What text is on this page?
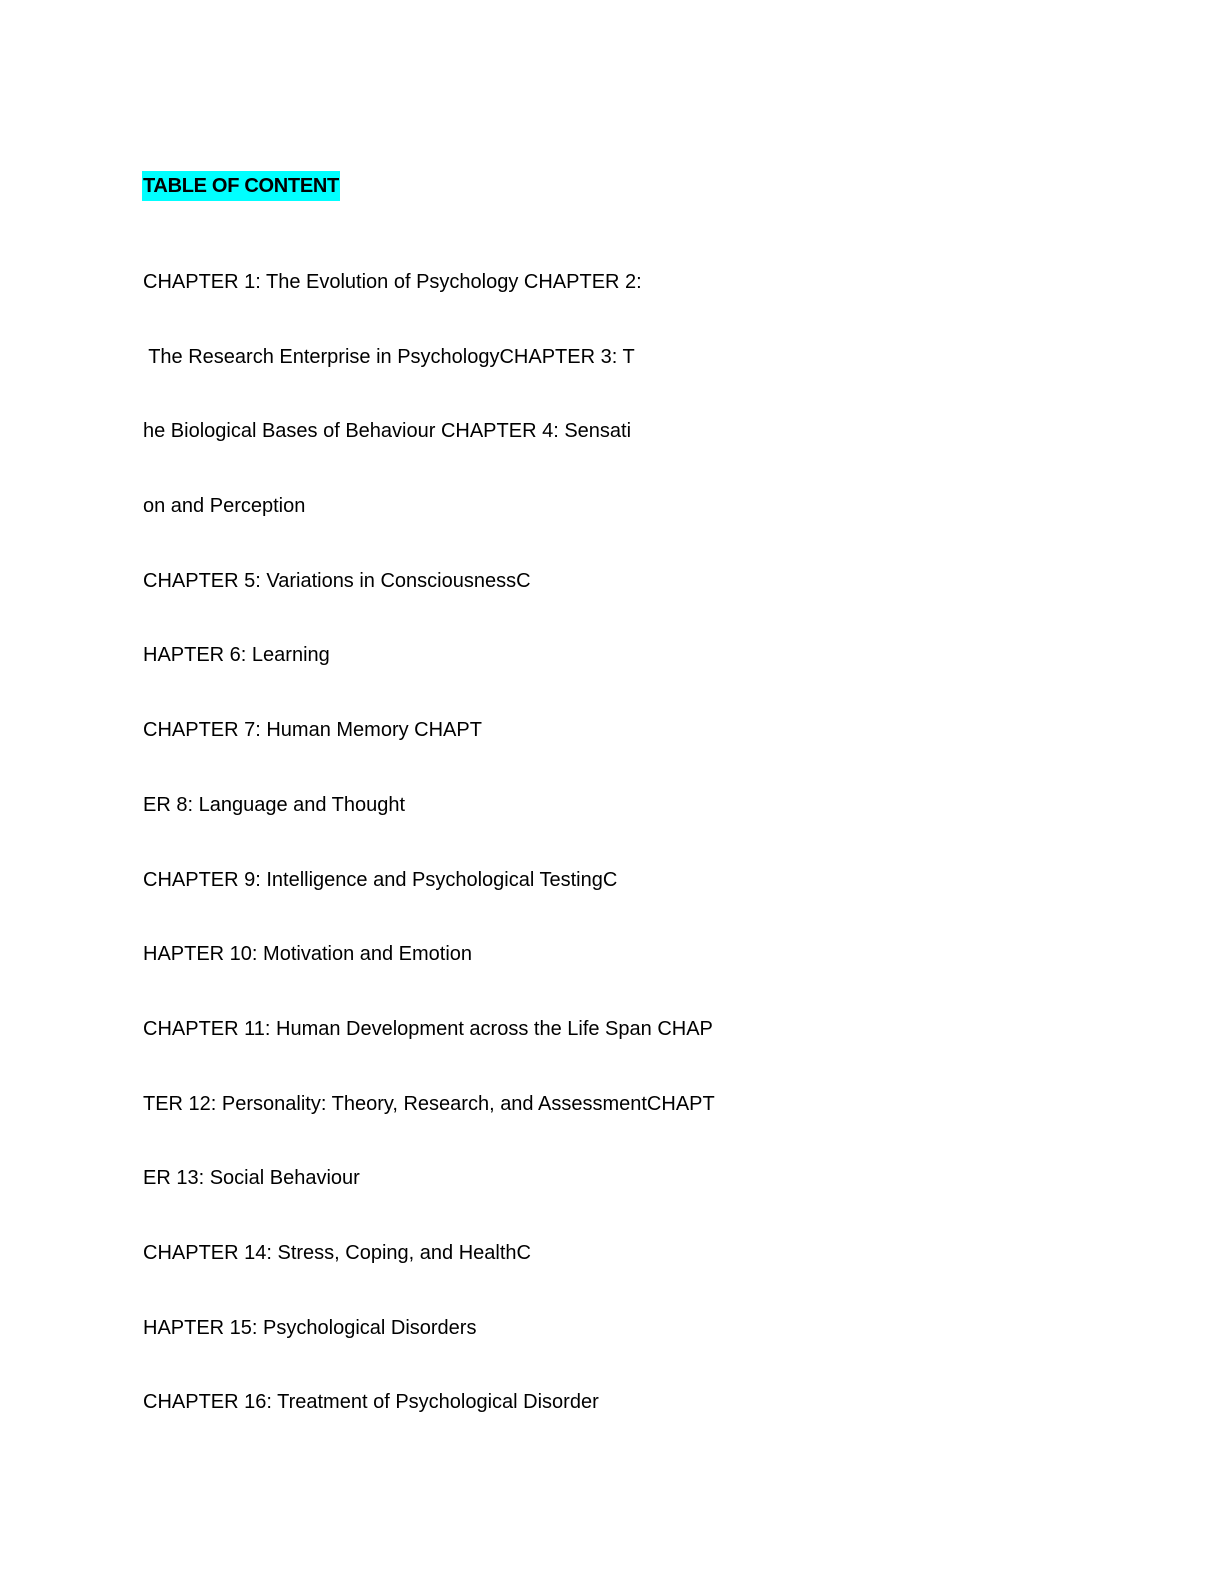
TABLE OF CONTENT
CHAPTER 1: The Evolution of Psychology CHAPTER 2:
The Research Enterprise in PsychologyCHAPTER 3: T
he Biological Bases of Behaviour CHAPTER 4: Sensati
on and Perception
CHAPTER 5: Variations in ConsciousnessC
HAPTER 6: Learning
CHAPTER 7: Human Memory CHAPT
ER 8: Language and Thought
CHAPTER 9: Intelligence and Psychological TestingC
HAPTER 10: Motivation and Emotion
CHAPTER 11: Human Development across the Life Span CHAP
TER 12: Personality: Theory, Research, and AssessmentCHAPT
ER 13: Social Behaviour
CHAPTER 14: Stress, Coping, and HealthC
HAPTER 15: Psychological Disorders
CHAPTER 16: Treatment of Psychological Disorder
